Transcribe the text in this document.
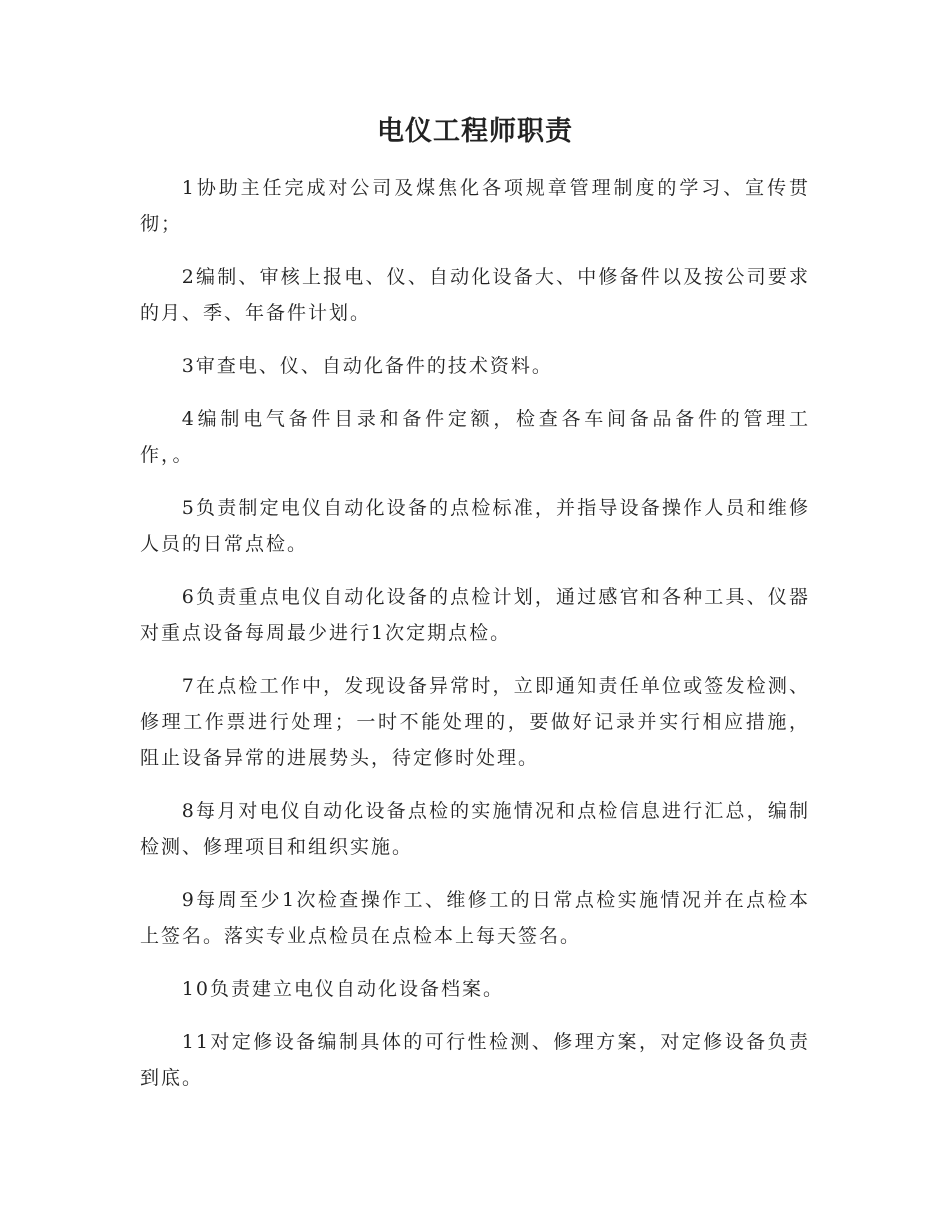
电仪工程师职责

1协助主任完成对公司及煤焦化各项规章管理制度的学习、宣传贯彻；

2编制、审核上报电、仪、自动化设备大、中修备件以及按公司要求的月、季、年备件计划。

3审查电、仪、自动化备件的技术资料。

4编制电气备件目录和备件定额，检查各车间备品备件的管理工作，。

5负责制定电仪自动化设备的点检标准，并指导设备操作人员和维修人员的日常点检。

6负责重点电仪自动化设备的点检计划，通过感官和各种工具、仪器对重点设备每周最少进行1次定期点检。

7在点检工作中，发现设备异常时，立即通知责任单位或签发检测、修理工作票进行处理；一时不能处理的，要做好记录并实行相应措施，阻止设备异常的进展势头，待定修时处理。

8每月对电仪自动化设备点检的实施情况和点检信息进行汇总，编制检测、修理项目和组织实施。

9每周至少1次检查操作工、维修工的日常点检实施情况并在点检本上签名。落实专业点检员在点检本上每天签名。

10负责建立电仪自动化设备档案。

11对定修设备编制具体的可行性检测、修理方案，对定修设备负责到底。
